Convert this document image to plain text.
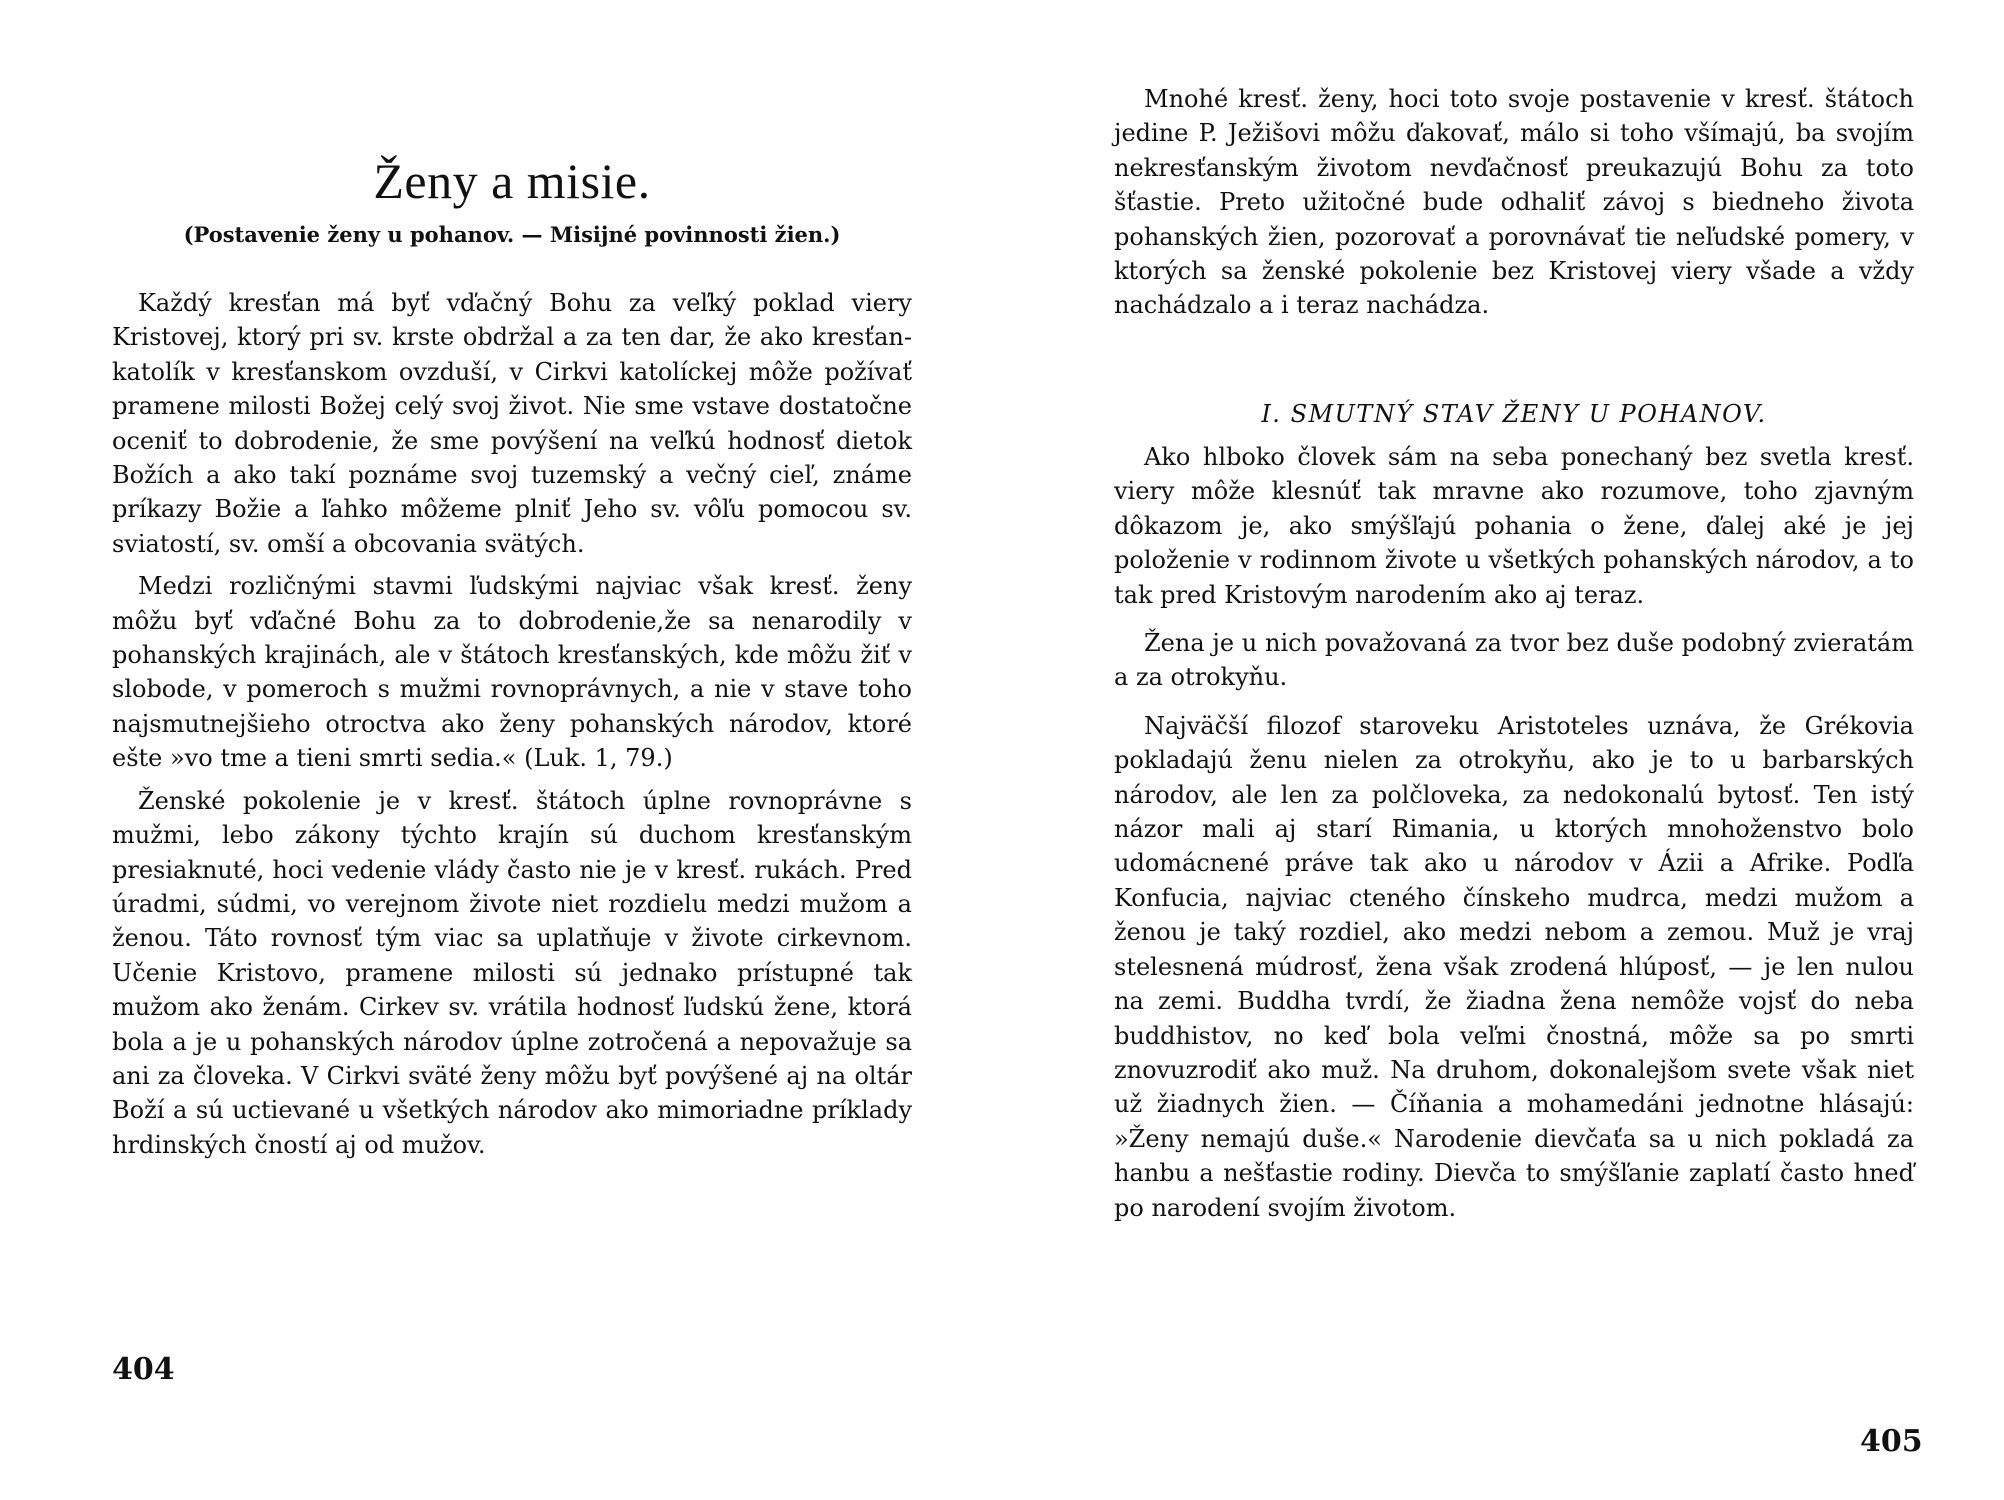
Ženy a misie.
(Postavenie ženy u pohanov. — Misijné povinnosti žien.)

Každý kresťan má byť vďačný Bohu za veľký poklad viery Kristovej, ktorý pri sv. krste obdržal a za ten dar, že ako kresťan-katolík v kresťanskom ovzduší, v Cirkvi katolíckej môže požívať pramene milosti Božej celý svoj život. Nie sme vstave dostatočne oceniť to dobrodenie, že sme povýšení na veľkú hodnosť dietok Božích a ako takí poznáme svoj tuzemský a večný cieľ, známe príkazy Božie a ľahko môžeme plniť Jeho sv. vôľu pomocou sv. sviatostí, sv. omší a obcovania svätých.

Medzi rozličnými stavmi ľudskými najviac však kresť. ženy môžu byť vďačné Bohu za to dobrodenie,že sa nenarodily v pohanských krajinách, ale v štátoch kresťanských, kde môžu žiť v slobode, v pomeroch s mužmi rovnoprávnych, a nie v stave toho najsmutnejšieho otroctva ako ženy pohanských národov, ktoré ešte »vo tme a tieni smrti sedia.« (Luk. 1, 79.)

Ženské pokolenie je v kresť. štátoch úplne rovnoprávne s mužmi, lebo zákony týchto krajín sú duchom kresťanským presiaknuté, hoci vedenie vlády často nie je v kresť. rukách. Pred úradmi, súdmi, vo verejnom živote niet rozdielu medzi mužom a ženou. Táto rovnosť tým viac sa uplatňuje v živote cirkevnom. Učenie Kristovo, pramene milosti sú jednako prístupné tak mužom ako ženám. Cirkev sv. vrátila hodnosť ľudskú žene, ktorá bola a je u pohanských národov úplne zotročená a nepovažuje sa ani za človeka. V Cirkvi sväté ženy môžu byť povýšené aj na oltár Boží a sú uctievané u všetkých národov ako mimoriadne príklady hrdinských čností aj od mužov.

404

Mnohé kresť. ženy, hoci toto svoje postavenie v kresť. štátoch jedine P. Ježišovi môžu ďakovať, málo si toho všímajú, ba svojím nekresťanským životom nevďačnosť preukazujú Bohu za toto šťastie. Preto užitočné bude odhaliť závoj s biedneho života pohanských žien, pozorovať a porovnávať tie neľudské pomery, v ktorých sa ženské pokolenie bez Kristovej viery všade a vždy nachádzalo a i teraz nachádza.

I. SMUTNÝ STAV ŽENY U POHANOV.

Ako hlboko človek sám na seba ponechaný bez svetla kresť. viery môže klesnúť tak mravne ako rozumove, toho zjavným dôkazom je, ako smýšľajú pohania o žene, ďalej aké je jej položenie v rodinnom živote u všetkých pohanských národov, a to tak pred Kristovým narodením ako aj teraz.

Žena je u nich považovaná za tvor bez duše podobný zvieratám a za otrokyňu.

Najväčší filozof staroveku Aristoteles uznáva, že Grékovia pokladajú ženu nielen za otrokyňu, ako je to u barbarských národov, ale len za polčloveka, za nedokonalú bytosť. Ten istý názor mali aj starí Rimania, u ktorých mnohoženstvo bolo udomácnené práve tak ako u národov v Ázii a Afrike. Podľa Konfucia, najviac cteného čínskeho mudrca, medzi mužom a ženou je taký rozdiel, ako medzi nebom a zemou. Muž je vraj stelesnená múdrosť, žena však zrodená hlúposť, — je len nulou na zemi. Buddha tvrdí, že žiadna žena nemôže vojsť do neba buddhistov, no keď bola veľmi čnostná, môže sa po smrti znovuzrodiť ako muž. Na druhom, dokonalejšom svete však niet už žiadnych žien. — Číňania a mohamedáni jednotne hlásajú: »Ženy nemajú duše.« Narodenie dievčaťa sa u nich pokladá za hanbu a nešťastie rodiny. Dievča to smýšľanie zaplatí často hneď po narodení svojím životom.

405
